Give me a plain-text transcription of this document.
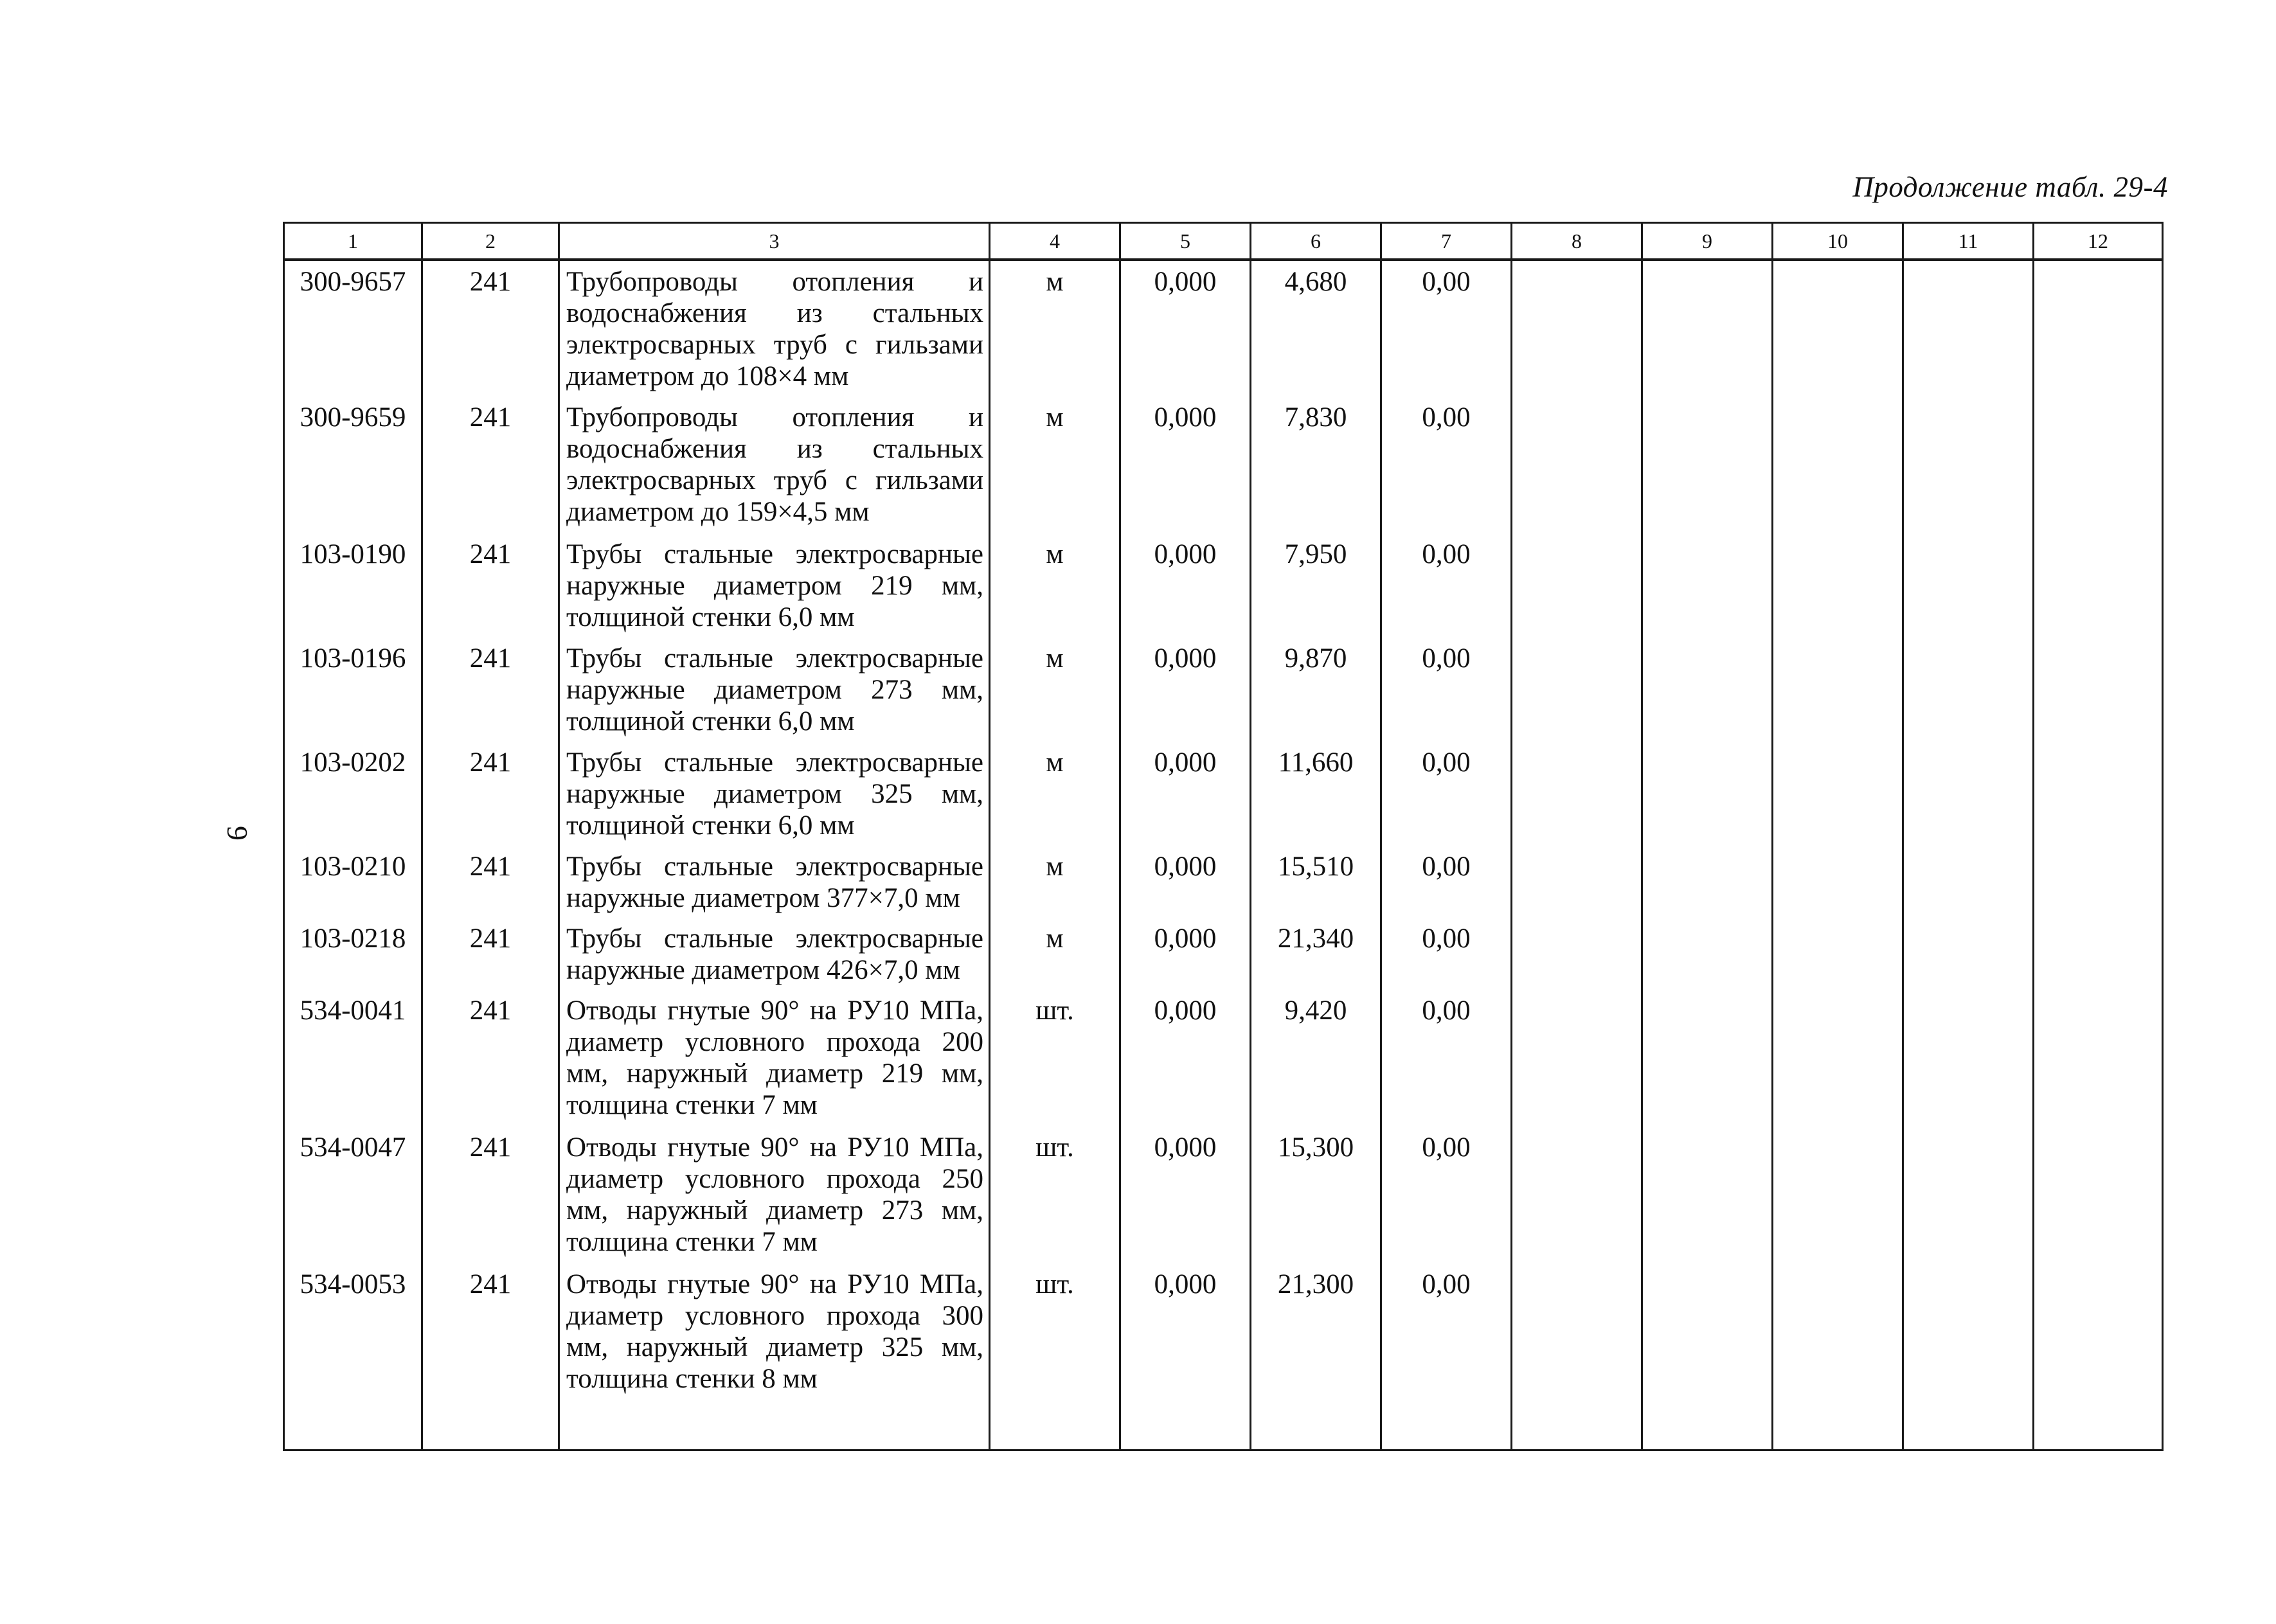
Продолжение табл. 29-4
9
1	2	3	4	5	6	7	8	9	10	11	12
300-9657	241	Трубопроводы отопления и водоснабжения из стальных электросварных труб с гильзами диаметром до 108×4 мм	м	0,000	4,680	0,00					
300-9659	241	Трубопроводы отопления и водоснабжения из стальных электросварных труб с гильзами диаметром до 159×4,5 мм	м	0,000	7,830	0,00					
103-0190	241	Трубы стальные электросварные наружные диаметром 219 мм, толщиной стенки 6,0 мм	м	0,000	7,950	0,00					
103-0196	241	Трубы стальные электросварные наружные диаметром 273 мм, толщиной стенки 6,0 мм	м	0,000	9,870	0,00					
103-0202	241	Трубы стальные электросварные наружные диаметром 325 мм, толщиной стенки 6,0 мм	м	0,000	11,660	0,00					
103-0210	241	Трубы стальные электросварные наружные диаметром 377×7,0 мм	м	0,000	15,510	0,00					
103-0218	241	Трубы стальные электросварные наружные диаметром 426×7,0 мм	м	0,000	21,340	0,00					
534-0041	241	Отводы гнутые 90° на РУ10 МПа, диаметр условного прохода 200 мм, наружный диаметр 219 мм, толщина стенки 7 мм	шт.	0,000	9,420	0,00					
534-0047	241	Отводы гнутые 90° на РУ10 МПа, диаметр условного прохода 250 мм, наружный диаметр 273 мм, толщина стенки 7 мм	шт.	0,000	15,300	0,00					
534-0053	241	Отводы гнутые 90° на РУ10 МПа, диаметр условного прохода 300 мм, наружный диаметр 325 мм, толщина стенки 8 мм	шт.	0,000	21,300	0,00					
